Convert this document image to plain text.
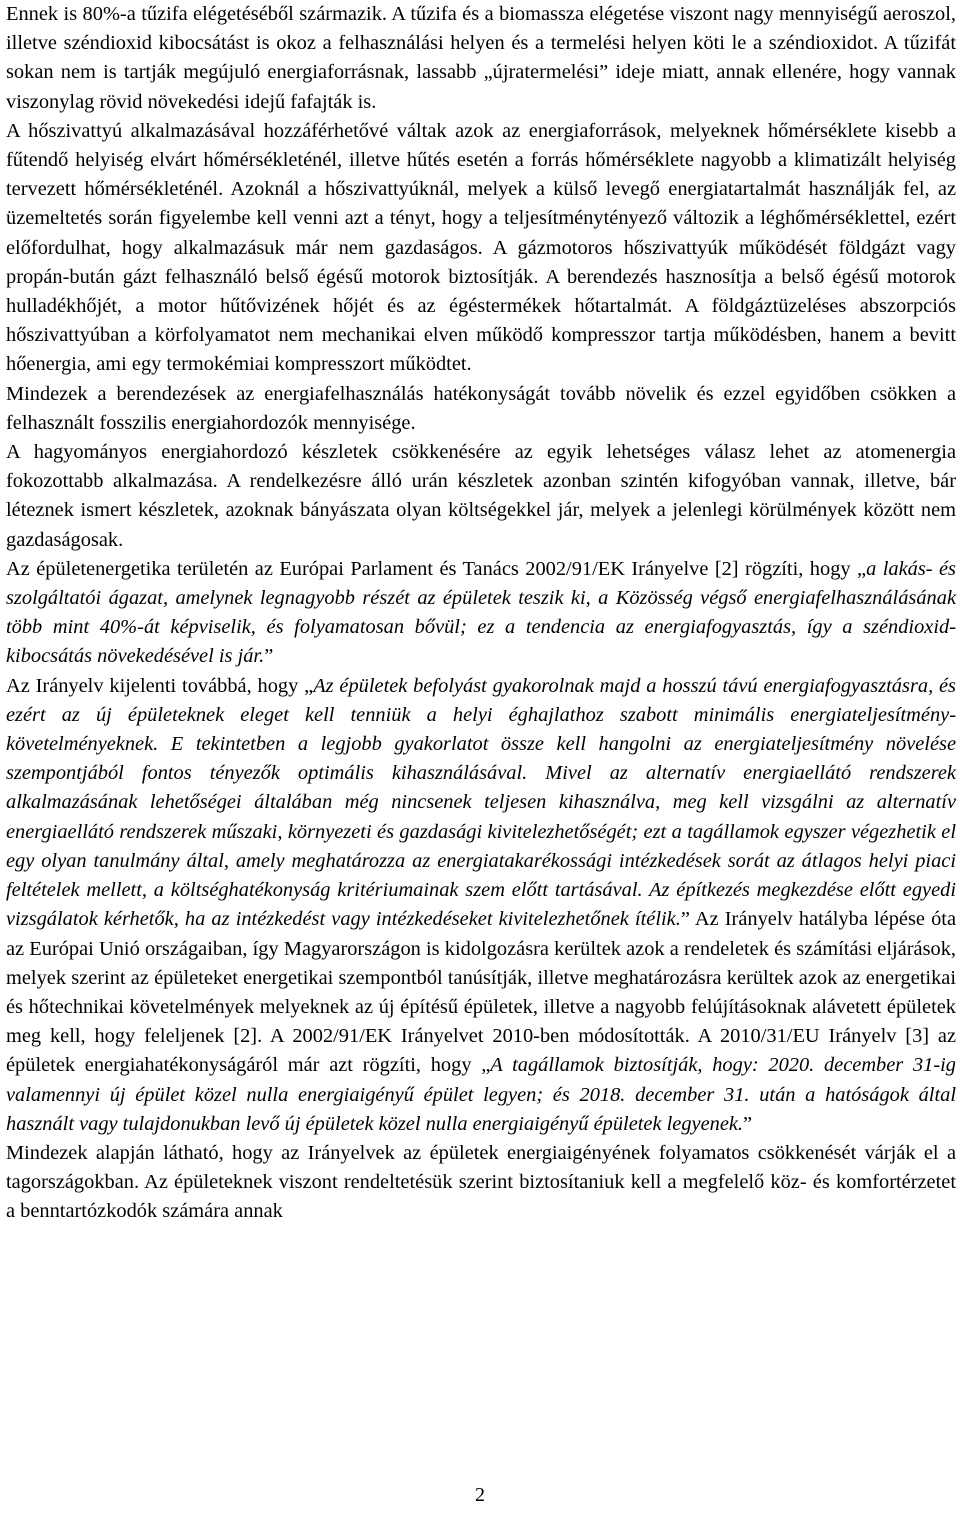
Ennek is 80%-a tűzifa elégetéséből származik. A tűzifa és a biomassza elégetése viszont nagy mennyiségű aeroszol, illetve széndioxid kibocsátást is okoz a felhasználási helyen és a termelési helyen köti le a széndioxidot. A tűzifát sokan nem is tartják megújuló energiaforrásnak, lassabb „újratermelési” ideje miatt, annak ellenére, hogy vannak viszonylag rövid növekedési idejű fafajták is.

A hőszivattyú alkalmazásával hozzáférhetővé váltak azok az energiaforrások, melyeknek hőmérséklete kisebb a fűtendő helyiség elvárt hőmérsékleténél, illetve hűtés esetén a forrás hőmérséklete nagyobb a klimatizált helyiség tervezett hőmérsékleténél. Azoknál a hőszivattyúknál, melyek a külső levegő energiatartalmát használják fel, az üzemeltetés során figyelembe kell venni azt a tényt, hogy a teljesítménytényező változik a léghőmérséklettel, ezért előfordulhat, hogy alkalmazásuk már nem gazdaságos. A gázmotoros hőszivattyúk működését földgázt vagy propán-bután gázt felhasználó belső égésű motorok biztosítják. A berendezés hasznosítja a belső égésű motorok hulladékhőjét, a motor hűtővizének hőjét és az égéstermékek hőtartalmát. A földgáztüzeléses abszorpciós hőszivattyúban a körfolyamatot nem mechanikai elven működő kompresszor tartja működésben, hanem a bevitt hőenergia, ami egy termokémiai kompresszort működtet.

Mindezek a berendezések az energiafelhasználás hatékonyságát tovább növelik és ezzel egyidőben csökken a felhasznált fosszilis energiahordozók mennyisége.

A hagyományos energiahordozó készletek csökkenésére az egyik lehetséges válasz lehet az atomenergia fokozottabb alkalmazása. A rendelkezésre álló urán készletek azonban szintén kifogyóban vannak, illetve, bár léteznek ismert készletek, azoknak bányászata olyan költségekkel jár, melyek a jelenlegi körülmények között nem gazdaságosak.

Az épületenergetika területén az Európai Parlament és Tanács 2002/91/EK Irányelve [2] rögzíti, hogy „a lakás- és szolgáltatói ágazat, amelynek legnagyobb részét az épületek teszik ki, a Közösség végső energiafelhasználásának több mint 40%-át képviselik, és folyamatosan bővül; ez a tendencia az energiafogyasztás, így a széndioxid-kibocsátás növekedésével is jár.”

Az Irányelv kijelenti továbbá, hogy „Az épületek befolyást gyakorolnak majd a hosszú távú energiafogyasztásra, és ezért az új épületeknek eleget kell tenniük a helyi éghajlathoz szabott minimális energiateljesítmény-követelményeknek. E tekintetben a legjobb gyakorlatot össze kell hangolni az energiateljesítmény növelése szempontjából fontos tényezők optimális kihasználásával. Mivel az alternatív energiaellátó rendszerek alkalmazásának lehetőségei általában még nincsenek teljesen kihasználva, meg kell vizsgálni az alternatív energiaellátó rendszerek műszaki, környezeti és gazdasági kivitelezhetőségét; ezt a tagállamok egyszer végezhetik el egy olyan tanulmány által, amely meghatározza az energiatakarékossági intézkedések sorát az átlagos helyi piaci feltételek mellett, a költséghatékonyság kritériumainak szem előtt tartásával. Az építkezés megkezdése előtt egyedi vizsgálatok kérhetők, ha az intézkedést vagy intézkedéseket kivitelezhetőnek ítélik.” Az Irányelv hatályba lépése óta az Európai Unió országaiban, így Magyarországon is kidolgozásra kerültek azok a rendeletek és számítási eljárások, melyek szerint az épületeket energetikai szempontból tanúsítják, illetve meghatározásra kerültek azok az energetikai és hőtechnikai követelmények melyeknek az új építésű épületek, illetve a nagyobb felújításoknak alávetett épületek meg kell, hogy feleljenek [2]. A 2002/91/EK Irányelvet 2010-ben módosították. A 2010/31/EU Irányelv [3] az épületek energiahatékonyságáról már azt rögzíti, hogy „A tagállamok biztosítják, hogy: 2020. december 31-ig valamennyi új épület közel nulla energiaigényű épület legyen; és 2018. december 31. után a hatóságok által használt vagy tulajdonukban levő új épületek közel nulla energiaigényű épületek legyenek.”

Mindezek alapján látható, hogy az Irányelvek az épületek energiaigényének folyamatos csökkenését várják el a tagországokban. Az épületeknek viszont rendeltetésük szerint biztosítaniuk kell a megfelelő köz- és komfortérzetet a benntartózkodók számára annak

2
